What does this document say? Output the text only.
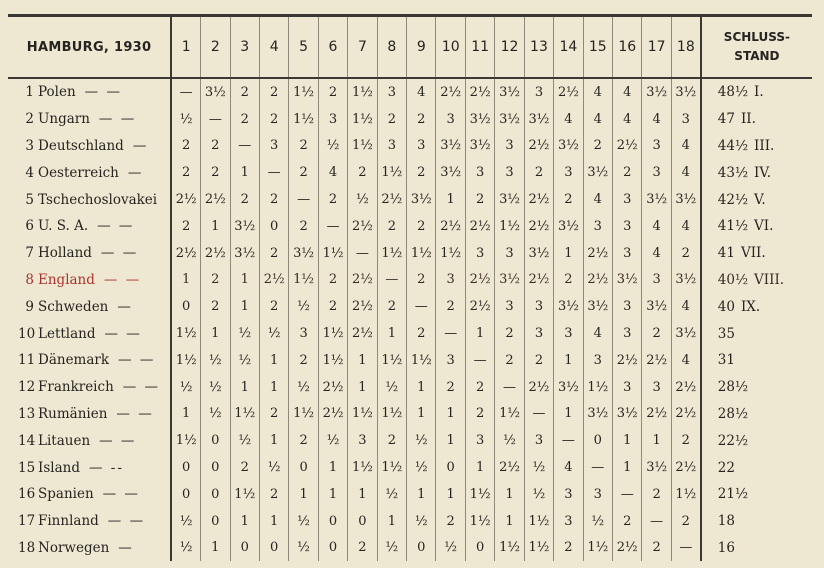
HAMBURG, 1930	1	2	3	4	5	6	7	8	9	10	11	12	13	14	15	16	17	18	SCHLUSS-
STAND
1 Polen — —	—	3½	2	2	1½	2	1½	3	4	2½	2½	3½	3	2½	4	4	3½	3½	48½ I.
2 Ungarn — —	½	—	2	2	1½	3	1½	2	2	3	3½	3½	3½	4	4	4	4	3	47 II.
3 Deutschland —	2	2	—	3	2	½	1½	3	3	3½	3½	3	2½	3½	2	2½	3	4	44½ III.
4 Oesterreich —	2	2	1	—	2	4	2	1½	2	3½	3	3	2	3	3½	2	3	4	43½ IV.
5 Tschechoslovakei	2½	2½	2	2	—	2	½	2½	3½	1	2	3½	2½	2	4	3	3½	3½	42½ V.
6 U. S. A. — —	2	1	3½	0	2	—	2½	2	2	2½	2½	1½	2½	3½	3	3	4	4	41½ VI.
7 Holland — —	2½	2½	3½	2	3½	1½	—	1½	1½	1½	3	3	3½	1	2½	3	4	2	41 VII.
8 England — —	1	2	1	2½	1½	2	2½	—	2	3	2½	3½	2½	2	2½	3½	3	3½	40½ VIII.
9 Schweden —	0	2	1	2	½	2	2½	2	—	2	2½	3	3	3½	3½	3	3½	4	40 IX.
10 Lettland — —	1½	1	½	½	3	1½	2½	1	2	—	1	2	3	3	4	3	2	3½	35
11 Dänemark — —	1½	½	½	1	2	1½	1	1½	1½	3	—	2	2	1	3	2½	2½	4	31
12 Frankreich — —	½	½	1	1	½	2½	1	½	1	2	2	—	2½	3½	1½	3	3	2½	28½
13 Rumänien — —	1	½	1½	2	1½	2½	1½	1½	1	1	2	1½	—	1	3½	3½	2½	2½	28½
14 Litauen — —	1½	0	½	1	2	½	3	2	½	1	3	½	3	—	0	1	1	2	22½
15 Island — --	0	0	2	½	0	1	1½	1½	½	0	1	2½	½	4	—	1	3½	2½	22
16 Spanien — —	0	0	1½	2	1	1	1	½	1	1	1½	1	½	3	3	—	2	1½	21½
17 Finnland — —	½	0	1	1	½	0	0	1	½	2	1½	1	1½	3	½	2	—	2	18
18 Norwegen —	½	1	0	0	½	0	2	½	0	½	0	1½	1½	2	1½	2½	2	—	16
